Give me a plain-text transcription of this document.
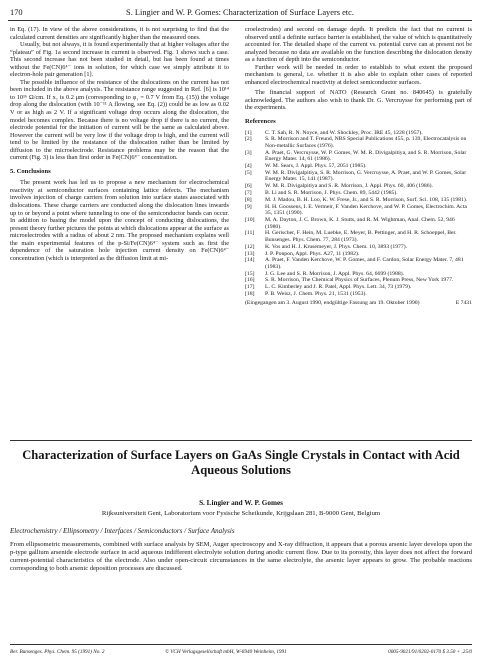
170	S. Lingier and W. P. Gomes: Characterization of Surface Layers etc.

in Eq. (17). In view of the above considerations, it is not surprising to find that the calculated current densities are significantly higher than the measured ones.

Usually, but not always, it is found experimentally that at higher voltages after the “plateau” of Fig. 1a second increase in current is observed. Fig. 1 shows such a case. This second increase has not been studied in detail, but has been found at times without the Fe(CN)6⁴⁻ ions in solution, for which case we simply attribute it to electron-hole pair generation [1].

The possible influence of the resistance of the dislocations on the current has not been included in the above analysis. The resistance range suggested in Ref. [6] is 10¹⁴ to 10¹⁶ Ω/cm. If x₁ is 0.2 μm (corresponding to φ₁ = 0.7 V from Eq. (15)) the voltage drop along the dislocation (with 10⁻¹¹ A flowing, see Eq. (2)) could be as low as 0.02 V or as high as 2 V. If a significant voltage drop occurs along the dislocation, the model becomes complex. Because there is no voltage drop if there is no current, the electrode potential for the initiation of current will be the same as calculated above. However the current will be very low if the voltage drop is high, and the current will tend to be limited by the resistance of the dislocation rather than be limited by diffusion to the microelectrode. Resistance problems may be the reason that the current (Fig. 3) is less than first order in Fe(CN)6⁴⁻ concentration.

5. Conclusions

The present work has led us to propose a new mechanism for electrochemical reactivity at semiconductor surfaces containing lattice defects. The mechanism involves injection of charge carriers from solution into surface states associated with dislocations. These charge carriers are conducted along the dislocation lines inwards up to or beyond a point where tunneling to one of the semiconductor bands can occur. In addition to basing the model upon the concept of conducting dislocations, the present theory further pictures the points at which dislocations appear at the surface as microelectrodes with a radius of about 2 nm. The proposed mechanism explains well the main experimental features of the p-Si/Fe(CN)6⁴⁻ system such as first the dependence of the saturation hole injection current density on Fe(CN)6⁴⁻ concentration (which is interpreted as the diffusion limit at mi-

croelectrodes) and second on damage depth. It predicts the fact that no current is observed until a definite surface barrier is established, the value of which is quantitatively accounted for. The detailed shape of the current vs. potential curve can at present not be analyzed because no data are available on the function describing the dislocation density as a function of depth into the semiconductor.

Further work will be needed in order to establish to what extent the proposed mechanism is general, i.e. whether it is also able to explain other cases of reported enhanced electrochemical reactivity at defect semiconductor surfaces.

The financial support of NATO (Research Grant no. 840645) is gratefully acknowledged. The authors also wish to thank Dr. G. Vercruysse for performing part of the experiments.

References
[1] C. T. Sah, R. N. Noyce, and W. Shockley, Proc. IRE 45, 1228 (1957).
[2] S. R. Morrison and T. Freund, NBS Special Publications 455, p. 139, Electrocatalysis on Non-metallic Surfaces (1976).
[3] A. Praet, G. Vercruysse, W. P. Gomes, W. M. R. Divigalpitiya, and S. R. Morrison, Solar Energy Mater. 14, 61 (1986).
[4] W. M. Sears, J. Appl. Phys. 57, 2051 (1985).
[5] W. M. R. Divigalpitiya, S. R. Morrison, G. Vercruysse, A. Praet, and W. P. Gomes, Solar Energy Mater. 15, 141 (1987).
[6] W. M. R. Divigalpitiya and S. R. Morrison, J. Appl. Phys. 60, 406 (1986).
[7] B. Li and S. R. Morrison, J. Phys. Chem. 89, 5442 (1985).
[8] M. J. Madou, B. H. Loo, K. W. Frese, Jr., and S. R. Morrison, Surf. Sci. 108, 135 (1981).
[9] H. H. Goossens, I. E. Vermeir, F. Vanden Kerchove, and W. P. Gomes, Electrochim. Acta 35, 1351 (1990).
[10] M. A. Dayton, J. C. Brown, K. J. Stutts, and R. M. Wightman, Anal. Chem. 52, 946 (1980).
[11] H. Gerischer, F. Hein, M. Luebke, E. Meyer, B. Pettinger, and H. R. Schoeppel, Ber. Bunsenges. Phys. Chem. 77, 284 (1973).
[12] K. Vos and H. J. Krusemeyer, J. Phys. Chem. 10, 3893 (1977).
[13] J. P. Ponpon, Appl. Phys. A27, 11 (1982).
[14] A. Praet, F. Vanden Kerchove, W. P. Gomes, and F. Cardon, Solar Energy Mater. 7, 481 (1983).
[15] J. G. Lee and S. R. Morrison, J. Appl. Phys. 64, 6699 (1988).
[16] S. R. Morrison, The Chemical Physics of Surfaces, Plenum Press, New York 1977.
[17] L. C. Kimberley and J. R. Patel, Appl. Phys. Lett. 34, 73 (1979).
[18] P. B. Weisz, J. Chem. Phys. 21, 1531 (1953).
(Eingegangen am 3. August 1990, endgültige Fassung am 19. Oktober 1990)	E 7431
Characterization of Surface Layers on GaAs Single Crystals in Contact with Acid Aqueous Solutions
S. Lingier and W. P. Gomes
Rijksuniversiteit Gent, Laboratorium voor Fysische Scheikunde, Krijgslaan 281, B-9000 Gent, Belgium
Electrochemistry / Ellipsometry / Interfaces / Semiconductors / Surface Analysis
From ellipsometric measurements, combined with surface analysis by SEM, Auger spectroscopy and X-ray diffraction, it appears that a porous arsenic layer develops upon the p-type gallium arsenide electrode surface in acid aqueous indifferent electrolyte solution during anodic current flow. Due to its porosity, this layer does not affect the forward current-potential characteristics of the electrode. Also under open-circuit circumstances in the same electrolyte, the arsenic layer appears to grow. The probable reactions corresponding to both arsenic deposition processes are discussed.
Ber. Bunsenges. Phys. Chem. 95 (1991) No. 2	© VCH Verlagsgesellschaft mbH, W-6940 Weinheim, 1991	0005-9021/91/0202-0170 $ 3.50 + .25/0
